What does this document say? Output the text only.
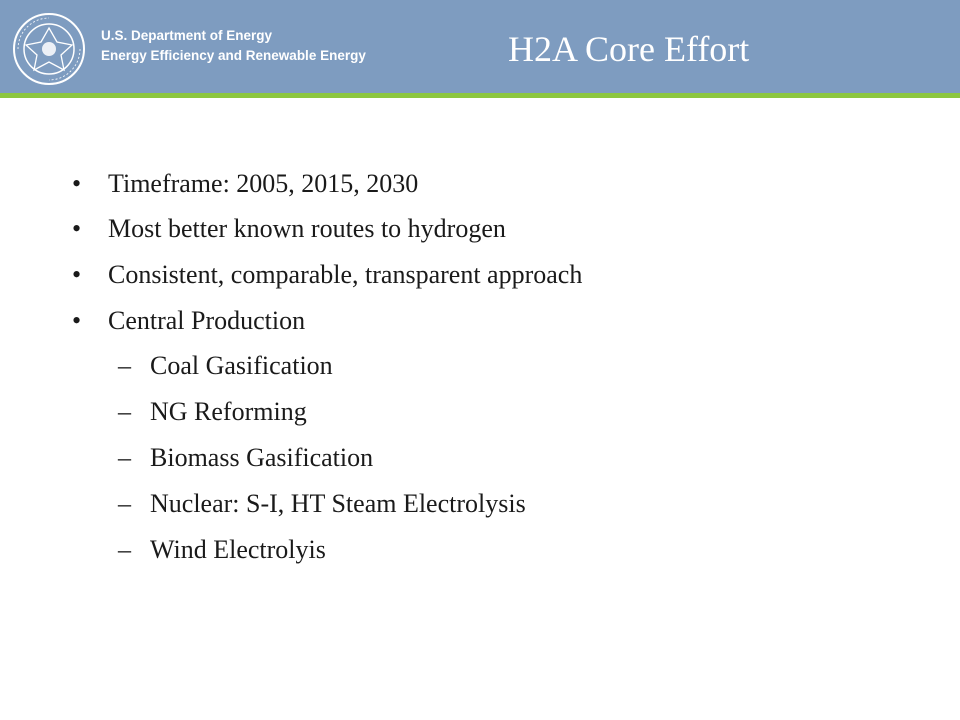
U.S. Department of Energy
Energy Efficiency and Renewable Energy	H2A Core Effort
• Timeframe: 2005, 2015, 2030
• Most better known routes to hydrogen
• Consistent, comparable, transparent approach
• Central Production
– Coal Gasification
– NG Reforming
– Biomass Gasification
– Nuclear: S-I, HT Steam Electrolysis
– Wind Electrolyis
